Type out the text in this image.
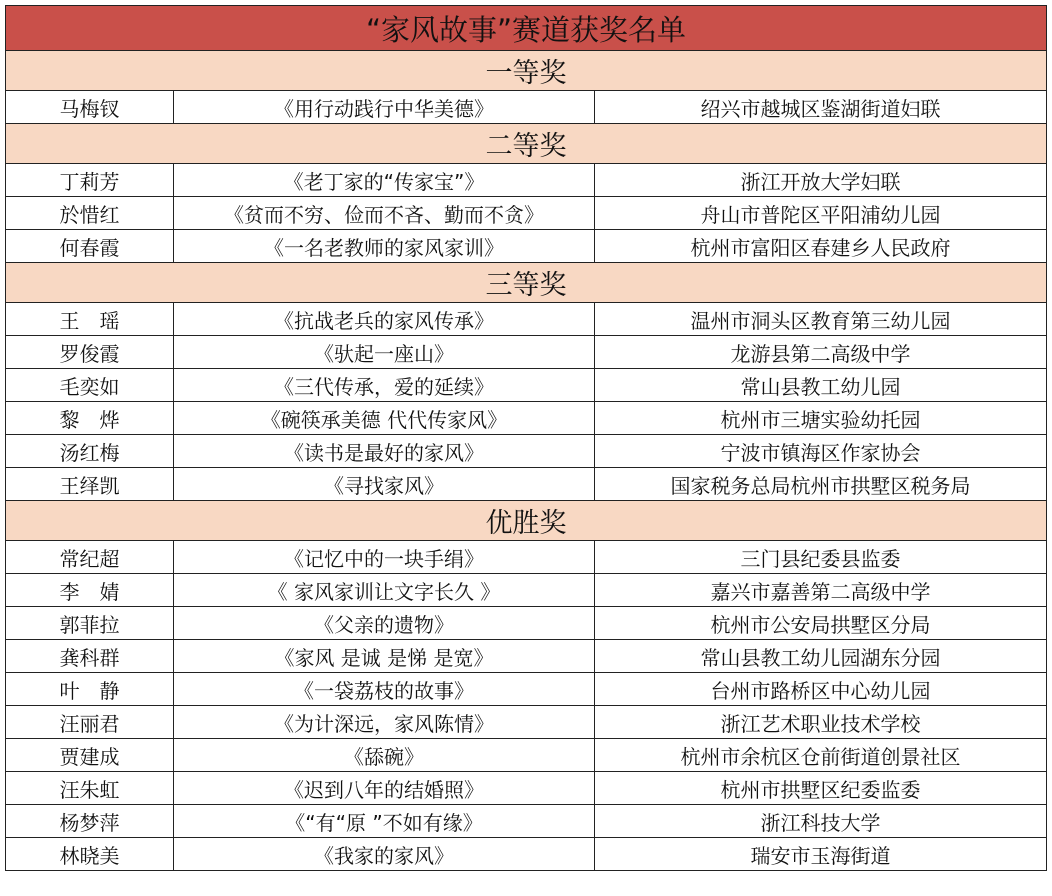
“家风故事”赛道获奖名单		
一等奖		
马梅钗	《用行动践行中华美德》	绍兴市越城区鉴湖街道妇联
二等奖		
丁莉芳	《老丁家的“传家宝”》	浙江开放大学妇联
於惜红	《贫而不穷、俭而不吝、勤而不贪》	舟山市普陀区平阳浦幼儿园
何春霞	《一名老教师的家风家训》	杭州市富阳区春建乡人民政府
三等奖		
王　瑶	《抗战老兵的家风传承》	温州市洞头区教育第三幼儿园
罗俊霞	《驮起一座山》	龙游县第二高级中学
毛奕如	《三代传承，爱的延续》	常山县教工幼儿园
黎　烨	《碗筷承美德 代代传家风》	杭州市三塘实验幼托园
汤红梅	《读书是最好的家风》	宁波市镇海区作家协会
王绎凯	《寻找家风》	国家税务总局杭州市拱墅区税务局
优胜奖		
常纪超	《记忆中的一块手绢》	三门县纪委县监委
李　婧	《 家风家训让文字长久 》	嘉兴市嘉善第二高级中学
郭菲拉	《父亲的遗物》	杭州市公安局拱墅区分局
龚科群	《家风 是诚 是悌 是宽》	常山县教工幼儿园湖东分园
叶　静	《一袋荔枝的故事》	台州市路桥区中心幼儿园
汪丽君	《为计深远，家风陈情》	浙江艺术职业技术学校
贾建成	《舔碗》	杭州市余杭区仓前街道创景社区
汪朱虹	《迟到八年的结婚照》	杭州市拱墅区纪委监委
杨梦萍	《“有“原 ”不如有缘》	浙江科技大学
林晓美	《我家的家风》	瑞安市玉海街道
